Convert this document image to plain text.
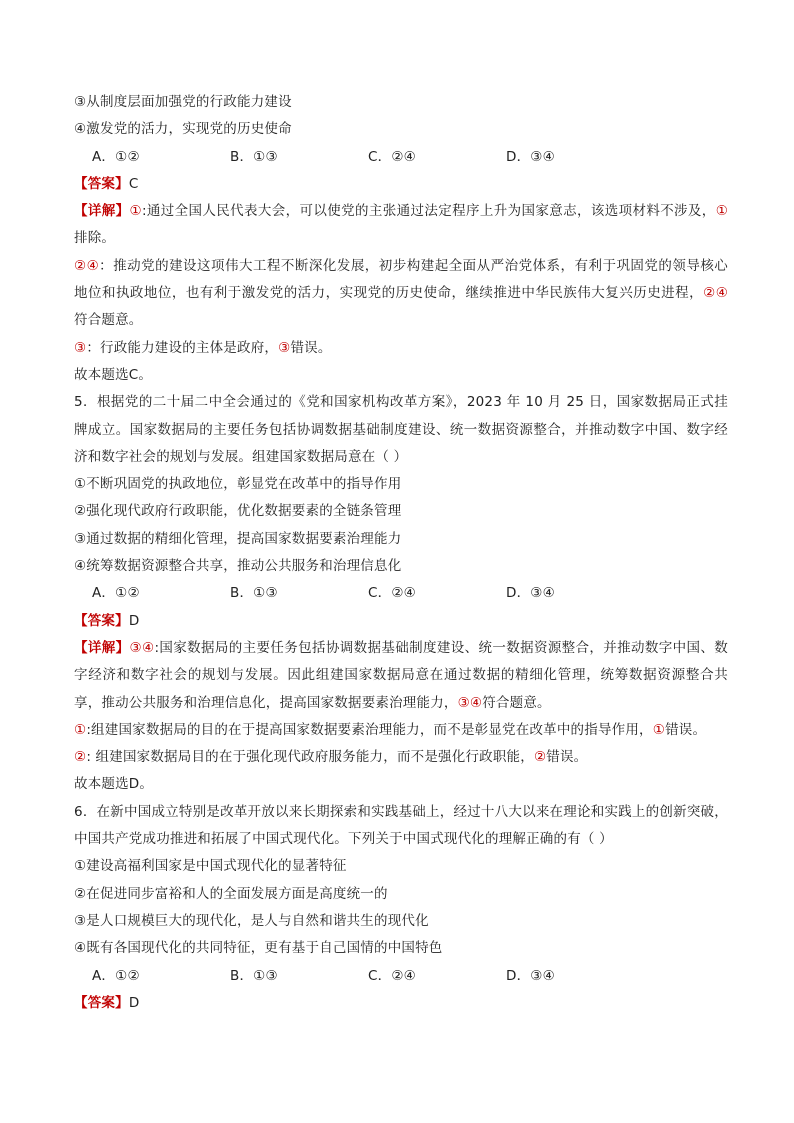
③从制度层面加强党的行政能力建设

④激发党的活力，实现党的历史使命

A．①②	B．①③	C．②④	D．③④

【答案】C

【详解】①:通过全国人民代表大会，可以使党的主张通过法定程序上升为国家意志，该选项材料不涉及，①排除。

②④：推动党的建设这项伟大工程不断深化发展，初步构建起全面从严治党体系，有利于巩固党的领导核心地位和执政地位，也有利于激发党的活力，实现党的历史使命，继续推进中华民族伟大复兴历史进程，②④符合题意。

③：行政能力建设的主体是政府，③错误。

故本题选C。

5．根据党的二十届二中全会通过的《党和国家机构改革方案》，2023 年 10 月 25 日，国家数据局正式挂牌成立。国家数据局的主要任务包括协调数据基础制度建设、统一数据资源整合，并推动数字中国、数字经济和数字社会的规划与发展。组建国家数据局意在（ ）

①不断巩固党的执政地位，彰显党在改革中的指导作用

②强化现代政府行政职能，优化数据要素的全链条管理

③通过数据的精细化管理，提高国家数据要素治理能力

④统筹数据资源整合共享，推动公共服务和治理信息化

A．①②	B．①③	C．②④	D．③④

【答案】D

【详解】③④:国家数据局的主要任务包括协调数据基础制度建设、统一数据资源整合，并推动数字中国、数字经济和数字社会的规划与发展。因此组建国家数据局意在通过数据的精细化管理，统筹数据资源整合共享，推动公共服务和治理信息化，提高国家数据要素治理能力，③④符合题意。

①:组建国家数据局的目的在于提高国家数据要素治理能力，而不是彰显党在改革中的指导作用，①错误。

②: 组建国家数据局目的在于强化现代政府服务能力，而不是强化行政职能，②错误。

故本题选D。

6．在新中国成立特别是改革开放以来长期探索和实践基础上，经过十八大以来在理论和实践上的创新突破，中国共产党成功推进和拓展了中国式现代化。下列关于中国式现代化的理解正确的有（ ）

①建设高福利国家是中国式现代化的显著特征

②在促进同步富裕和人的全面发展方面是高度统一的

③是人口规模巨大的现代化，是人与自然和谐共生的现代化

④既有各国现代化的共同特征，更有基于自己国情的中国特色

A．①②	B．①③	C．②④	D．③④

【答案】D
